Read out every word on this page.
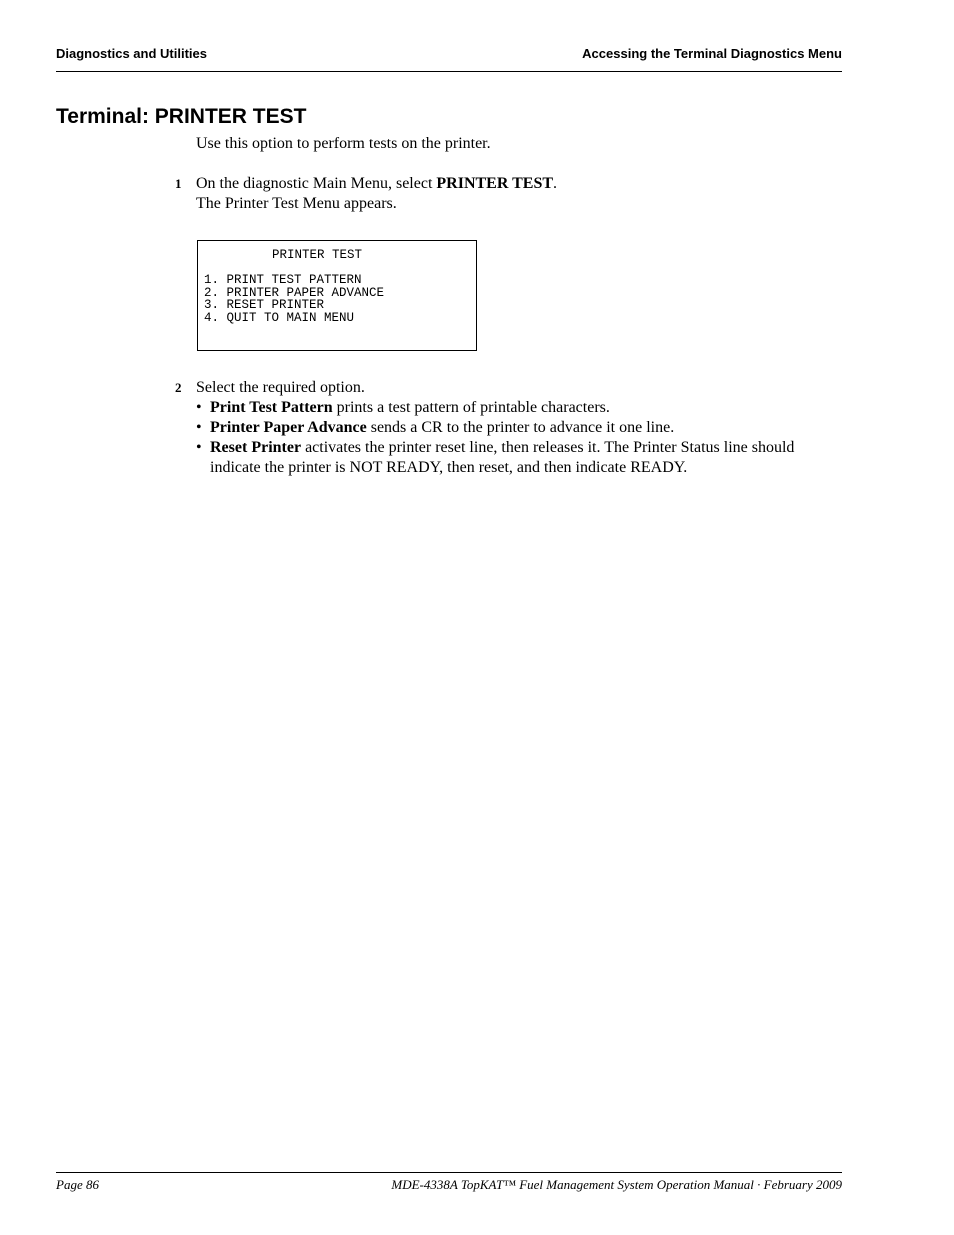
Diagnostics and Utilities	Accessing the Terminal Diagnostics Menu
Terminal: PRINTER TEST
Use this option to perform tests on the printer.
1 On the diagnostic Main Menu, select PRINTER TEST.
The Printer Test Menu appears.
PRINTER TEST
1. PRINT TEST PATTERN
2. PRINTER PAPER ADVANCE
3. RESET PRINTER
4. QUIT TO MAIN MENU
2 Select the required option.
• Print Test Pattern prints a test pattern of printable characters.
• Printer Paper Advance sends a CR to the printer to advance it one line.
• Reset Printer activates the printer reset line, then releases it. The Printer Status line should indicate the printer is NOT READY, then reset, and then indicate READY.
Page 86	MDE-4338A TopKAT™ Fuel Management System Operation Manual · February 2009
